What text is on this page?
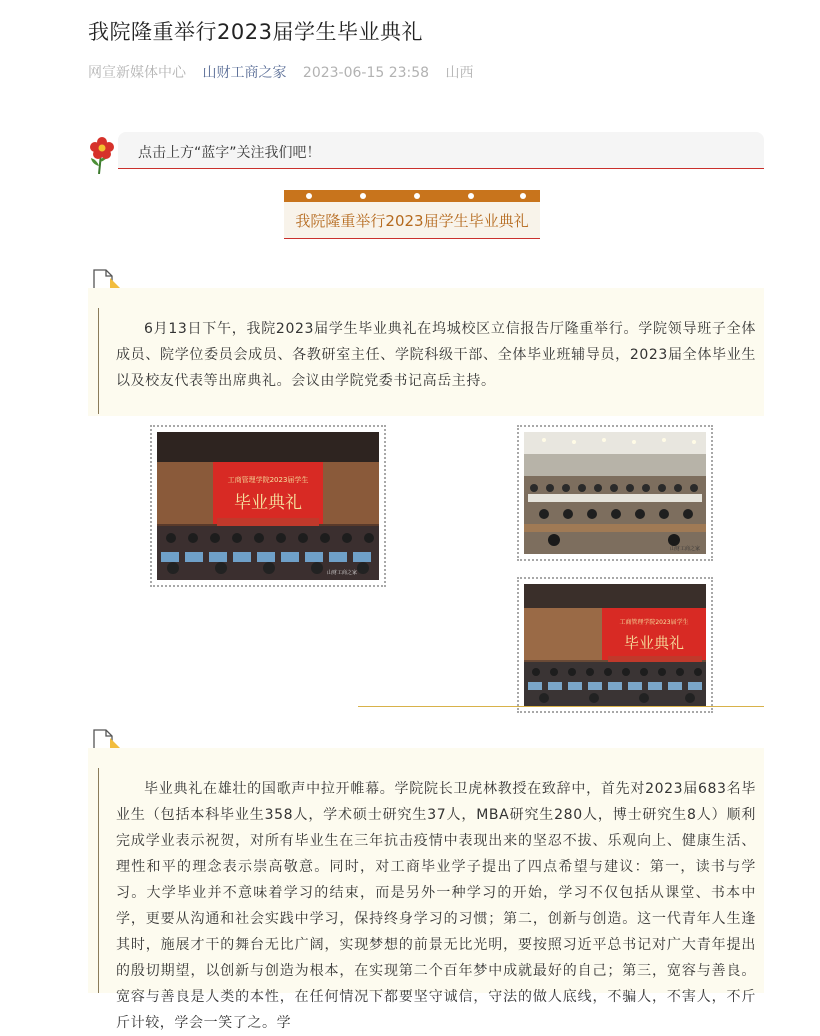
我院隆重举行2023届学生毕业典礼
网宣新媒体中心 山财工商之家 2023-06-15 23:58 山西
点击上方“蓝字”关注我们吧！
我院隆重举行2023届学生毕业典礼

6月13日下午，我院2023届学生毕业典礼在坞城校区立信报告厅隆重举行。学院领导班子全体成员、院学位委员会成员、各教研室主任、学院科级干部、全体毕业班辅导员，2023届全体毕业生以及校友代表等出席典礼。会议由学院党委书记高岳主持。

工商管理学院2023届学生
毕业典礼
山财工商之家
山财工商之家
工商管理学院2023届学生
毕业典礼

毕业典礼在雄壮的国歌声中拉开帷幕。学院院长卫虎林教授在致辞中，首先对2023届683名毕业生（包括本科毕业生358人，学术硕士研究生37人，MBA研究生280人，博士研究生8人）顺利完成学业表示祝贺，对所有毕业生在三年抗击疫情中表现出来的坚忍不拔、乐观向上、健康生活、理性和平的理念表示崇高敬意。同时，对工商毕业学子提出了四点希望与建议：第一，读书与学习。大学毕业并不意味着学习的结束，而是另外一种学习的开始，学习不仅包括从课堂、书本中学，更要从沟通和社会实践中学习，保持终身学习的习惯；第二，创新与创造。这一代青年人生逢其时，施展才干的舞台无比广阔，实现梦想的前景无比光明，要按照习近平总书记对广大青年提出的殷切期望，以创新与创造为根本，在实现第二个百年梦中成就最好的自己；第三，宽容与善良。宽容与善良是人类的本性，在任何情况下都要坚守诚信，守法的做人底线，不骗人，不害人，不斤斤计较，学会一笑了之。学
